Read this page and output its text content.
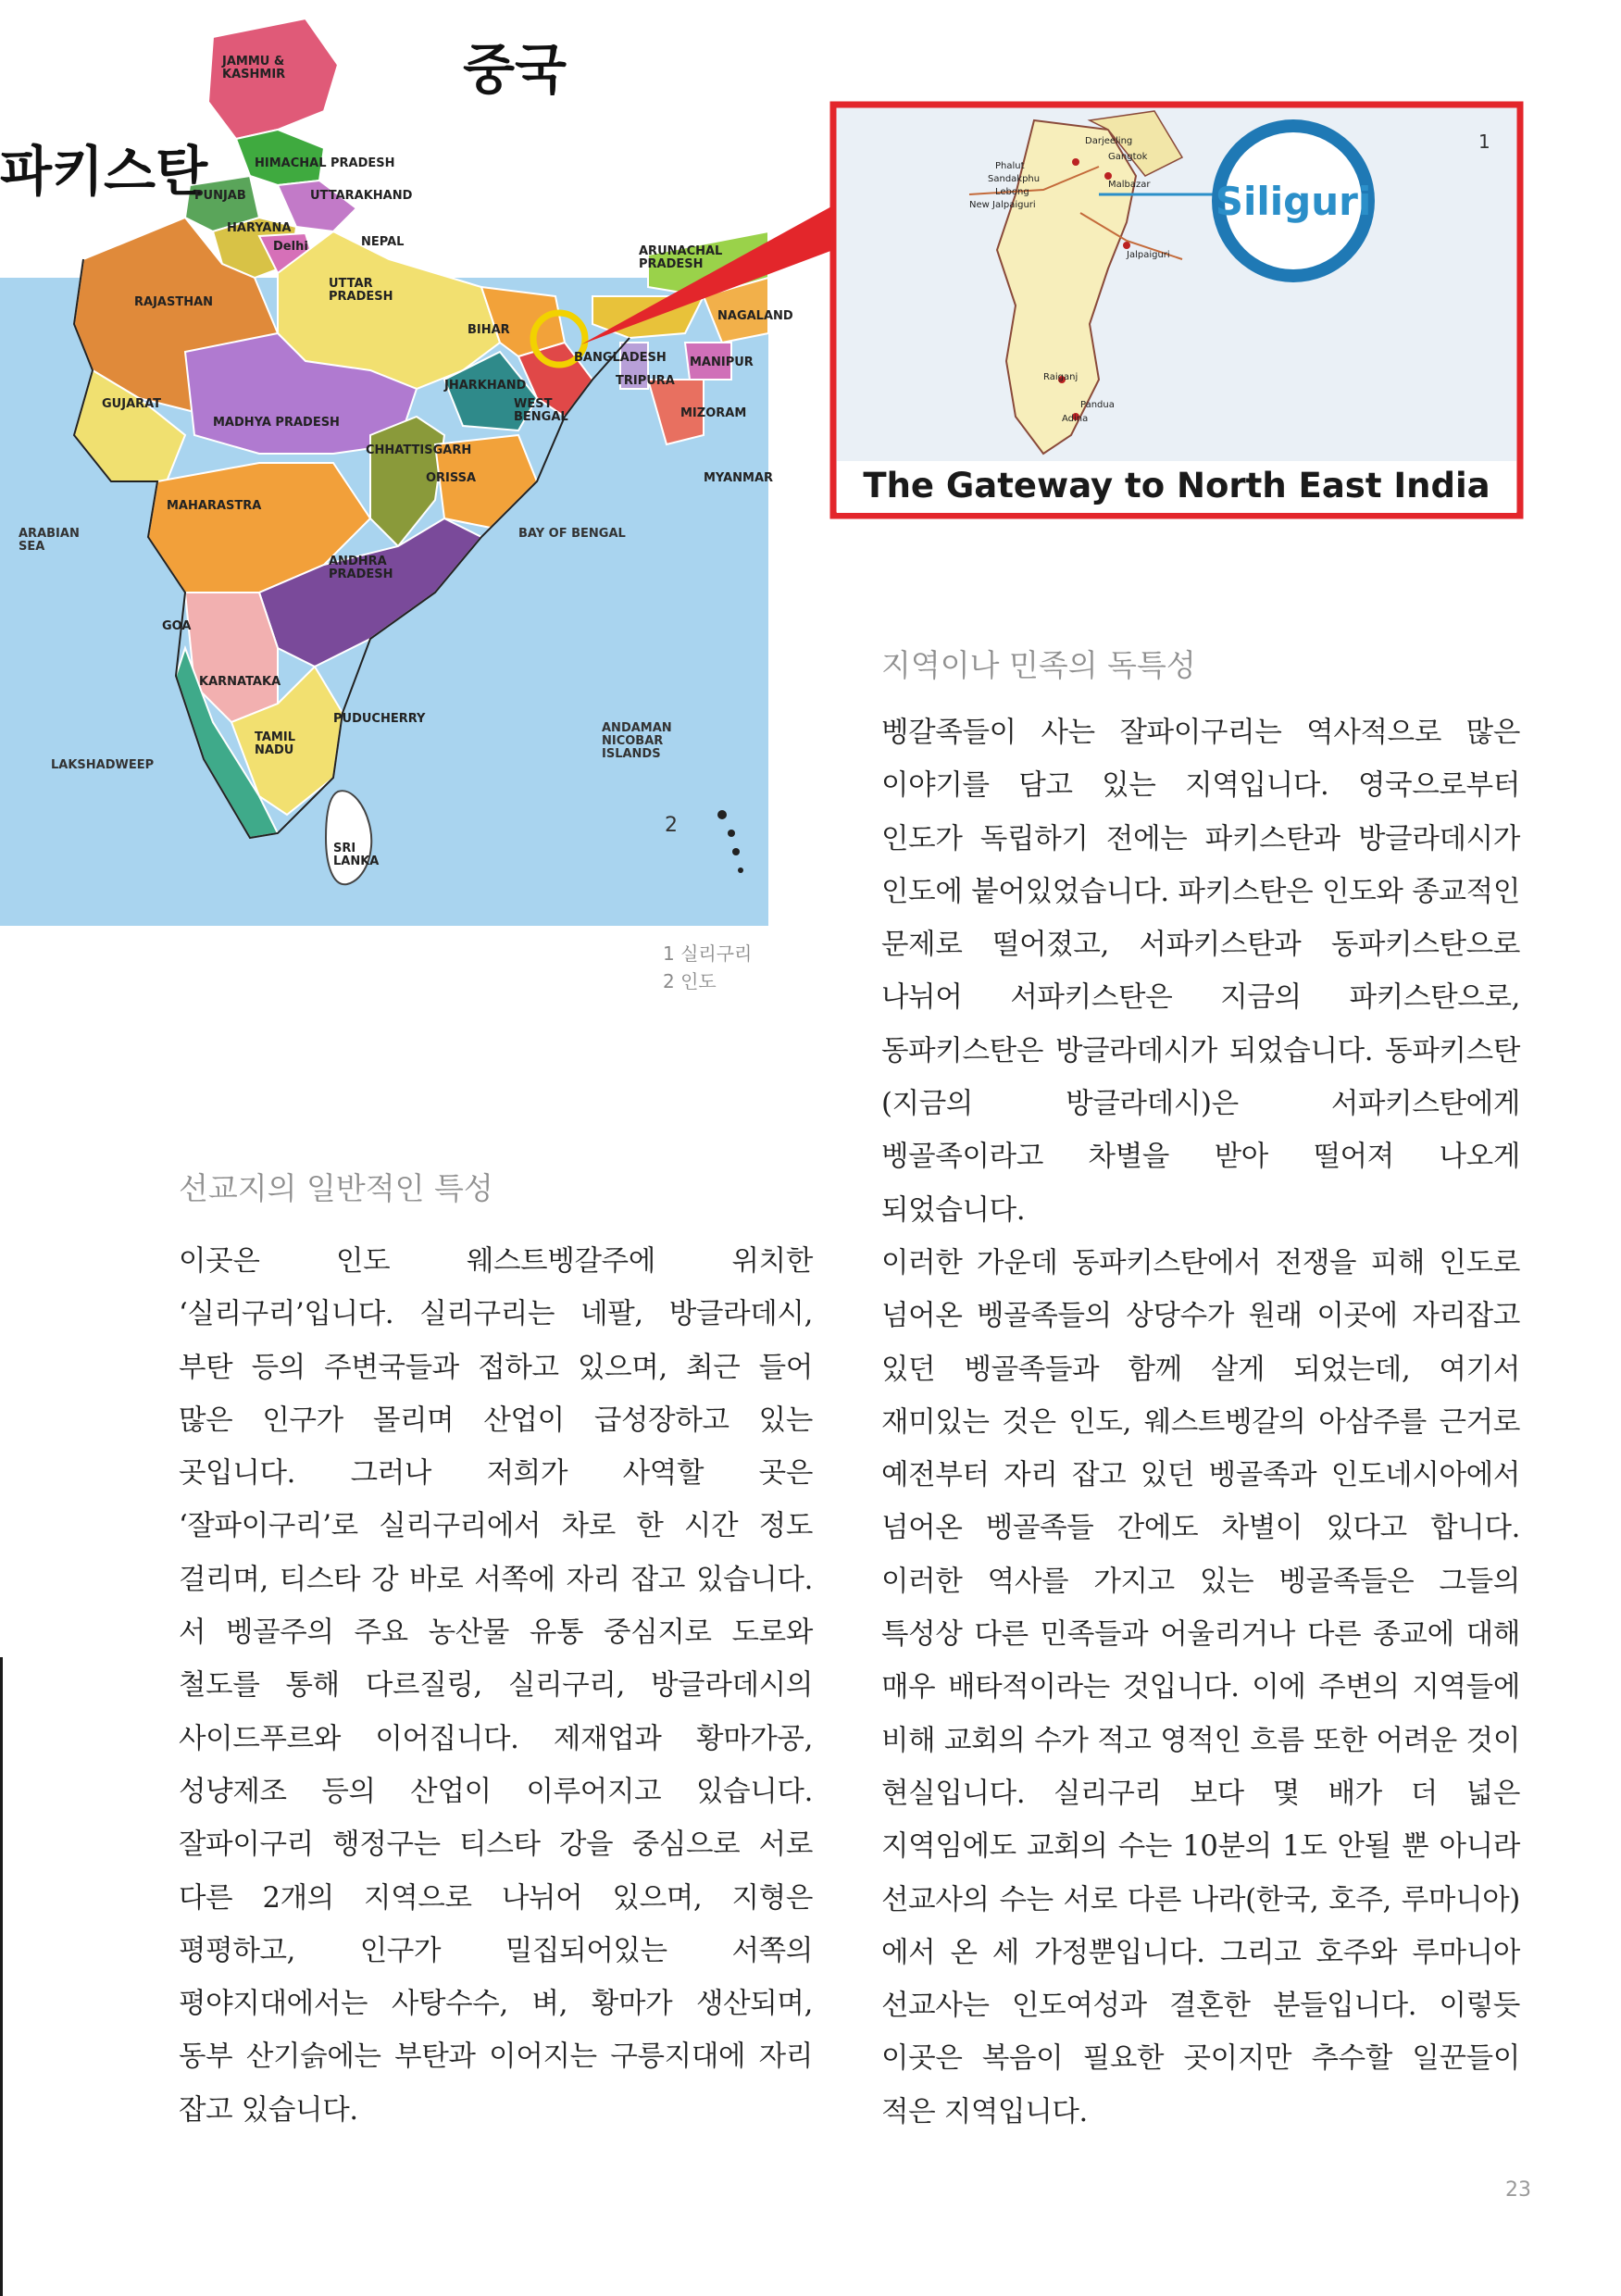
중국
파키스탄
JAMMU & KASHMIR
HIMACHAL PRADESH
PUNJAB	UTTARAKHAND
HARYANA
Delhi	NEPAL
RAJASTHAN
UTTAR PRADESH
ARUNACHAL PRADESH
BIHAR
NAGALAND
MANIPUR
BANGLADESH
TRIPURA
MIZORAM
JHARKHAND
WEST BENGAL
GUJARAT
MADHYA PRADESH
CHHATTISGARH
ORISSA	MYANMAR
MAHARASTRA
ARABIAN SEA
BAY OF BENGAL
ANDHRA PRADESH
GOA
KARNATAKA
PUDUCHERRY
TAMIL NADU
ANDAMAN NICOBAR ISLANDS
LAKSHADWEEP
SRI LANKA
2
Darjeeling
Phalut
Sandakphu
Lebong
Gangtok
Malbazar
New Jalpaiguri
Jalpaiguri
Raiganj
Pandua
Adina
Siliguri
1
The Gateway to North East India
1 실리구리
2 인도
지역이나 민족의 독특성

벵갈족들이 사는 잘파이구리는 역사적으로 많은 이야기를 담고 있는 지역입니다. 영국으로부터 인도가 독립하기 전에는 파키스탄과 방글라데시가 인도에 붙어있었습니다. 파키스탄은 인도와 종교적인 문제로 떨어졌고, 서파키스탄과 동파키스탄으로 나뉘어 서파키스탄은 지금의 파키스탄으로, 동파키스탄은 방글라데시가 되었습니다. 동파키스탄(지금의 방글라데시)은 서파키스탄에게 벵골족이라고 차별을 받아 떨어져 나오게 되었습니다.

이러한 가운데 동파키스탄에서 전쟁을 피해 인도로 넘어온 벵골족들의 상당수가 원래 이곳에 자리잡고 있던 벵골족들과 함께 살게 되었는데, 여기서 재미있는 것은 인도, 웨스트벵갈의 아삼주를 근거로 예전부터 자리 잡고 있던 벵골족과 인도네시아에서 넘어온 벵골족들 간에도 차별이 있다고 합니다. 이러한 역사를 가지고 있는 벵골족들은 그들의 특성상 다른 민족들과 어울리거나 다른 종교에 대해 매우 배타적이라는 것입니다. 이에 주변의 지역들에 비해 교회의 수가 적고 영적인 흐름 또한 어려운 것이 현실입니다. 실리구리 보다 몇 배가 더 넓은 지역임에도 교회의 수는 10분의 1도 안될 뿐 아니라 선교사의 수는 서로 다른 나라(한국, 호주, 루마니아)에서 온 세 가정뿐입니다. 그리고 호주와 루마니아 선교사는 인도여성과 결혼한 분들입니다. 이렇듯 이곳은 복음이 필요한 곳이지만 추수할 일꾼들이 적은 지역입니다.

선교지의 일반적인 특성

이곳은 인도 웨스트벵갈주에 위치한 ‘실리구리’입니다. 실리구리는 네팔, 방글라데시, 부탄 등의 주변국들과 접하고 있으며, 최근 들어 많은 인구가 몰리며 산업이 급성장하고 있는 곳입니다. 그러나 저희가 사역할 곳은 ‘잘파이구리’로 실리구리에서 차로 한 시간 정도 걸리며, 티스타 강 바로 서쪽에 자리 잡고 있습니다. 서 벵골주의 주요 농산물 유통 중심지로 도로와 철도를 통해 다르질링, 실리구리, 방글라데시의 사이드푸르와 이어집니다. 제재업과 황마가공, 성냥제조 등의 산업이 이루어지고 있습니다. 잘파이구리 행정구는 티스타 강을 중심으로 서로 다른 2개의 지역으로 나뉘어 있으며, 지형은 평평하고, 인구가 밀집되어있는 서쪽의 평야지대에서는 사탕수수, 벼, 황마가 생산되며, 동부 산기슭에는 부탄과 이어지는 구릉지대에 자리 잡고 있습니다.

23
